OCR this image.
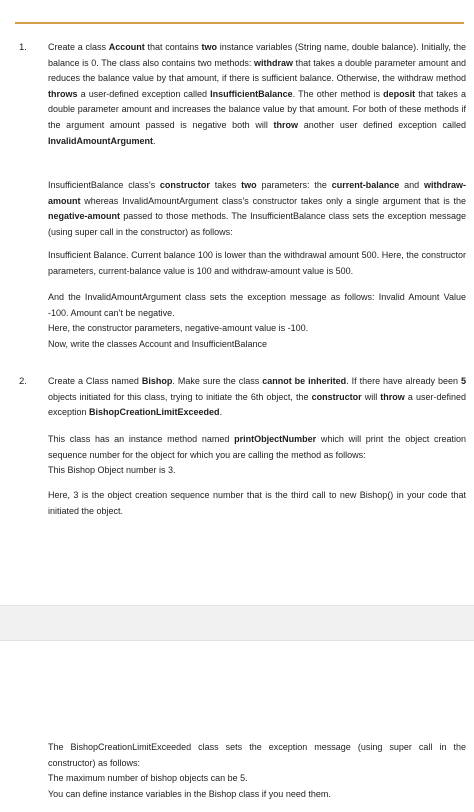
1. Create a class Account that contains two instance variables (String name, double balance). Initially, the balance is 0. The class also contains two methods: withdraw that takes a double parameter amount and reduces the balance value by that amount, if there is sufficient balance. Otherwise, the withdraw method throws a user-defined exception called InsufficientBalance. The other method is deposit that takes a double parameter amount and increases the balance value by that amount. For both of these methods if the argument amount passed is negative both will throw another user defined exception called InvalidAmountArgument.

InsufficientBalance class’s constructor takes two parameters: the current-balance and withdraw-amount whereas InvalidAmountArgument class’s constructor takes only a single argument that is the negative-amount passed to those methods. The InsufficientBalance class sets the exception message (using super call in the constructor) as follows:

Insufficient Balance. Current balance 100 is lower than the withdrawal amount 500. Here, the constructor parameters, current-balance value is 100 and withdraw-amount value is 500.

And the InvalidAmountArgument class sets the exception message as follows: Invalid Amount Value -100. Amount can’t be negative.
Here, the constructor parameters, negative-amount value is -100.
Now, write the classes Account and InsufficientBalance

2. Create a Class named Bishop. Make sure the class cannot be inherited. If there have already been 5 objects initiated for this class, trying to initiate the 6th object, the constructor will throw a user-defined exception BishopCreationLimitExceeded.

This class has an instance method named printObjectNumber which will print the object creation sequence number for the object for which you are calling the method as follows:
This Bishop Object number is 3.

Here, 3 is the object creation sequence number that is the third call to new Bishop() in your code that initiated the object.

The BishopCreationLimitExceeded class sets the exception message (using super call in the constructor) as follows:
The maximum number of bishop objects can be 5.
You can define instance variables in the Bishop class if you need them.
